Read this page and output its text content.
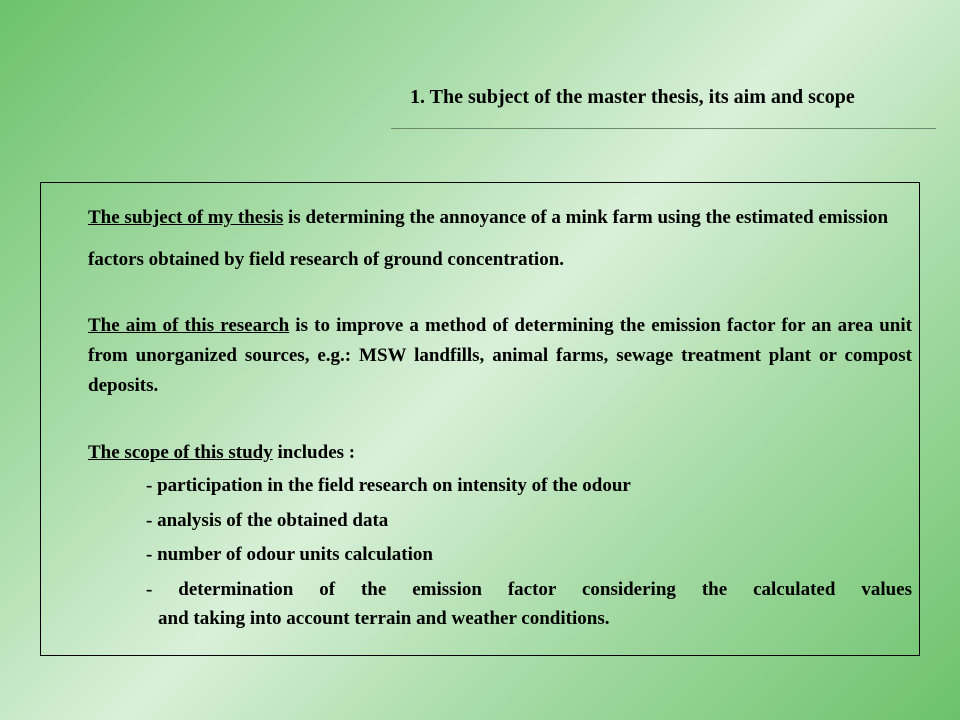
1. The subject of the master thesis, its aim and scope

The subject of my thesis is determining the annoyance of a mink farm using the estimated emission factors obtained by field research of ground concentration.

The aim of this research is to improve a method of determining the emission factor for an area unit from unorganized sources, e.g.: MSW landfills, animal farms, sewage treatment plant or compost deposits.

The scope of this study includes :

- participation in the field research on intensity of the odour

- analysis of the obtained data

- number of odour units calculation

- determination of the emission factor considering the calculated values
and taking into account terrain and weather conditions.
